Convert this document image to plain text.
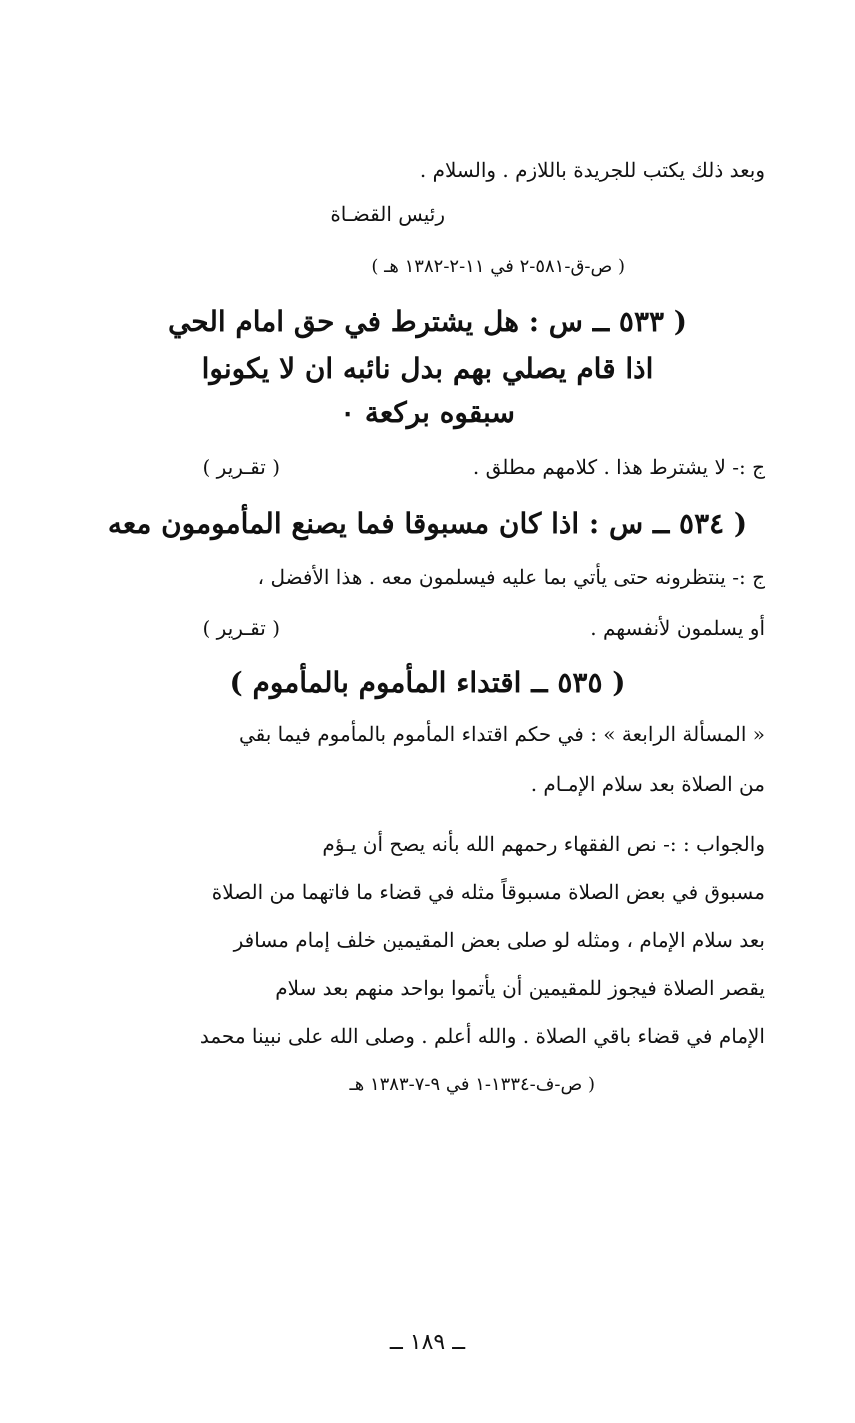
وبعد ذلك يكتب للجريدة باللازم . والسلام .
رئيس القضـاة
( ص-ق-٥٨١-٢ في ١١-٢-١٣٨٢ هـ )
( ٥٣٣ ــ س : هل يشترط في حق امام الحي
اذا قام يصلي بهم بدل نائبه ان لا يكونوا
سبقوه بركعة ٠
ج :- لا يشترط هذا . كلامهم مطلق .
( تقـرير )
( ٥٣٤ ــ س : اذا كان مسبوقا فما يصنع المأمومون معه
ج :- ينتظرونه حتى يأتي بما عليه فيسلمون معه . هذا الأفضل ،
أو يسلمون لأنفسهم .
( تقـرير )
( ٥٣٥ ــ اقتداء المأموم بالمأموم )
« المسألة الرابعة » : في حكم اقتداء المأموم بالمأموم فيما بقي
من الصلاة بعد سلام الإمـام .
والجواب : :- نص الفقهاء رحمهم الله بأنه يصح أن يـؤم
مسبوق في بعض الصلاة مسبوقاً مثله في قضاء ما فاتهما من الصلاة
بعد سلام الإمام ، ومثله لو صلى بعض المقيمين خلف إمام مسافر
يقصر الصلاة فيجوز للمقيمين أن يأتموا بواحد منهم بعد سلام
الإمام في قضاء باقي الصلاة . والله أعلم . وصلى الله على نبينا محمد
( ص-ف-١٣٣٤-١ في ٩-٧-١٣٨٣ هـ
ــ ١٨٩ ــ
